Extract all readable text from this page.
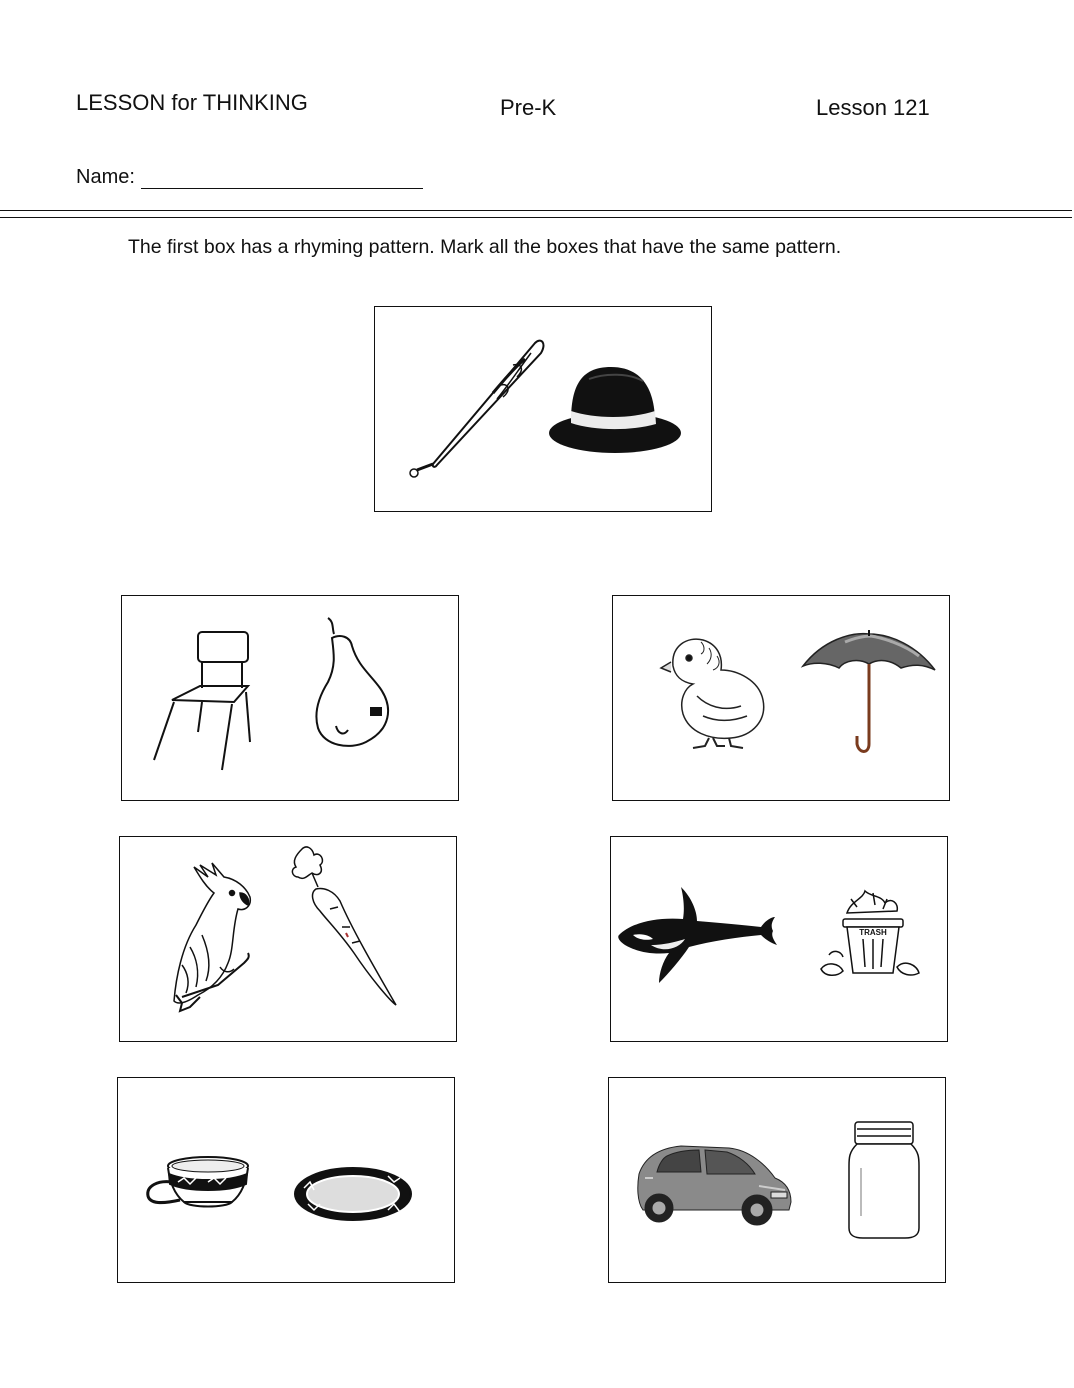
LESSON for THINKING	Pre-K	Lesson 121
Name:
The first box has a rhyming pattern. Mark all the boxes that have the same pattern.
TRASH
